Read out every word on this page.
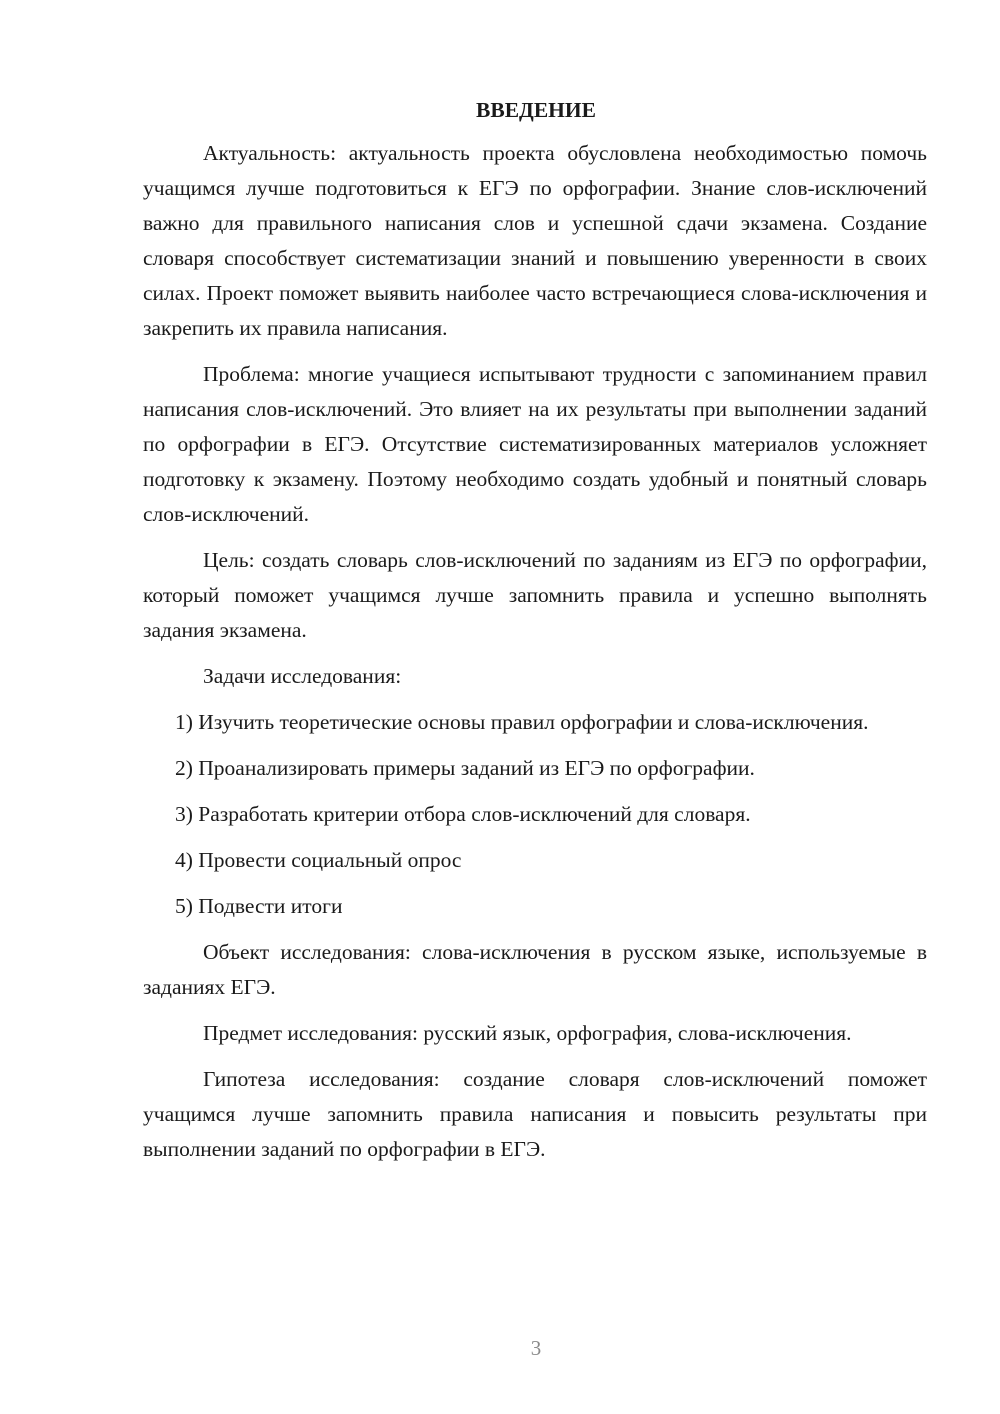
ВВЕДЕНИЕ

Актуальность: актуальность проекта обусловлена необходимостью помочь учащимся лучше подготовиться к ЕГЭ по орфографии. Знание слов-исключений важно для правильного написания слов и успешной сдачи экзамена. Создание словаря способствует систематизации знаний и повышению уверенности в своих силах. Проект поможет выявить наиболее часто встречающиеся слова-исключения и закрепить их правила написания.

Проблема: многие учащиеся испытывают трудности с запоминанием правил написания слов-исключений. Это влияет на их результаты при выполнении заданий по орфографии в ЕГЭ. Отсутствие систематизированных материалов усложняет подготовку к экзамену. Поэтому необходимо создать удобный и понятный словарь слов-исключений.

Цель: создать словарь слов-исключений по заданиям из ЕГЭ по орфографии, который поможет учащимся лучше запомнить правила и успешно выполнять задания экзамена.

Задачи исследования:

1) Изучить теоретические основы правил орфографии и слова-исключения.

2) Проанализировать примеры заданий из ЕГЭ по орфографии.

3) Разработать критерии отбора слов-исключений для словаря.

4) Провести социальный опрос

5) Подвести итоги

Объект исследования: слова-исключения в русском языке, используемые в заданиях ЕГЭ.

Предмет исследования: русский язык, орфография, слова-исключения.

Гипотеза исследования: создание словаря слов-исключений поможет учащимся лучше запомнить правила написания и повысить результаты при выполнении заданий по орфографии в ЕГЭ.

3
